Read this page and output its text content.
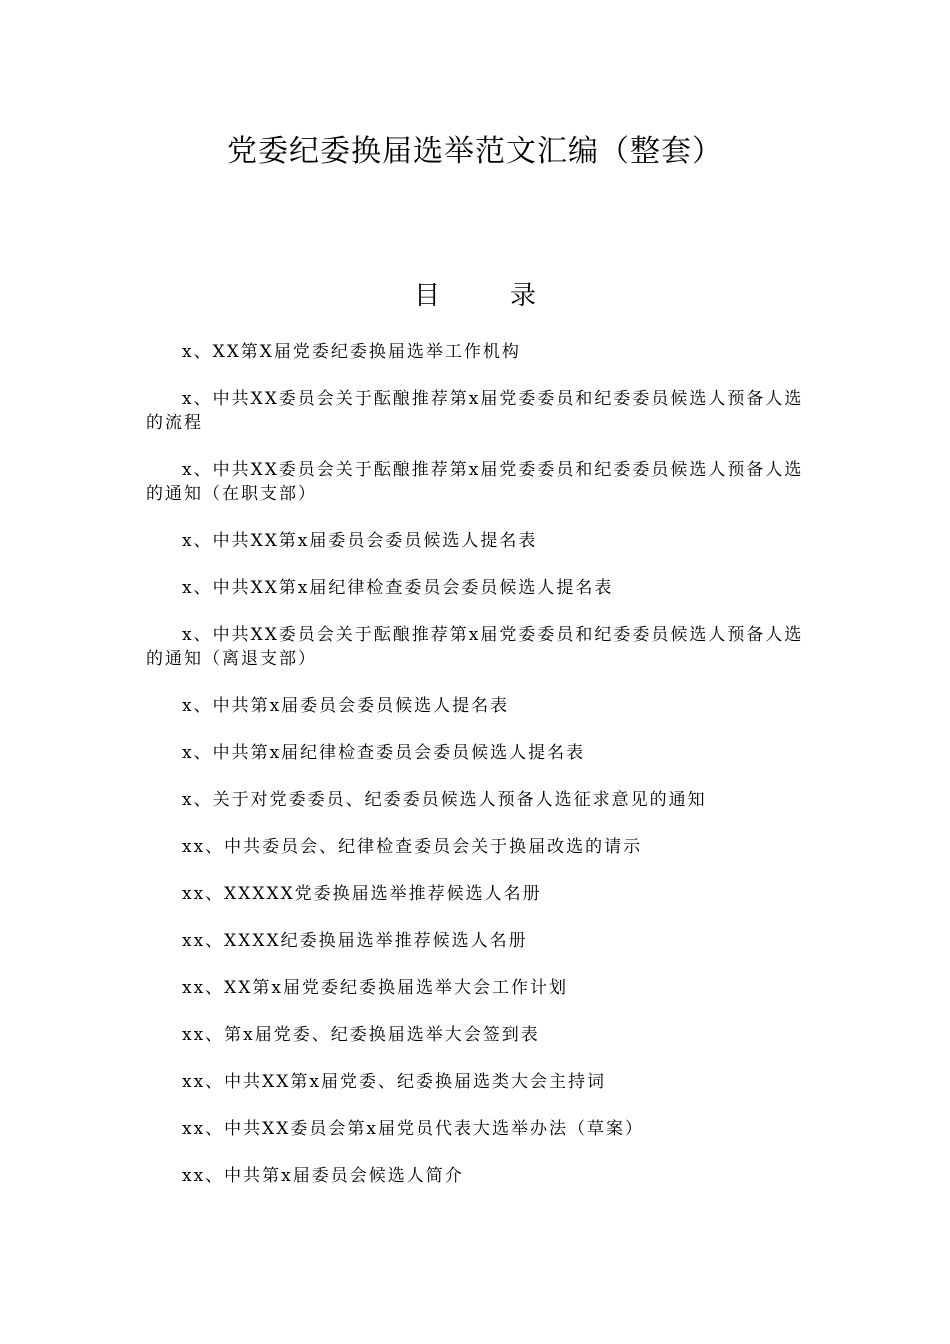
党委纪委换届选举范文汇编（整套）
目	录
x、XX第X届党委纪委换届选举工作机构
x、中共XX委员会关于酝酿推荐第x届党委委员和纪委委员候选人预备人选的流程
x、中共XX委员会关于酝酿推荐第x届党委委员和纪委委员候选人预备人选的通知（在职支部）
x、中共XX第x届委员会委员候选人提名表
x、中共XX第x届纪律检查委员会委员候选人提名表
x、中共XX委员会关于酝酿推荐第x届党委委员和纪委委员候选人预备人选的通知（离退支部）
x、中共第x届委员会委员候选人提名表
x、中共第x届纪律检查委员会委员候选人提名表
x、关于对党委委员、纪委委员候选人预备人选征求意见的通知
xx、中共委员会、纪律检查委员会关于换届改选的请示
xx、XXXXX党委换届选举推荐候选人名册
xx、XXXX纪委换届选举推荐候选人名册
xx、XX第x届党委纪委换届选举大会工作计划
xx、第x届党委、纪委换届选举大会签到表
xx、中共XX第x届党委、纪委换届选类大会主持词
xx、中共XX委员会第x届党员代表大选举办法（草案）
xx、中共第x届委员会候选人简介
